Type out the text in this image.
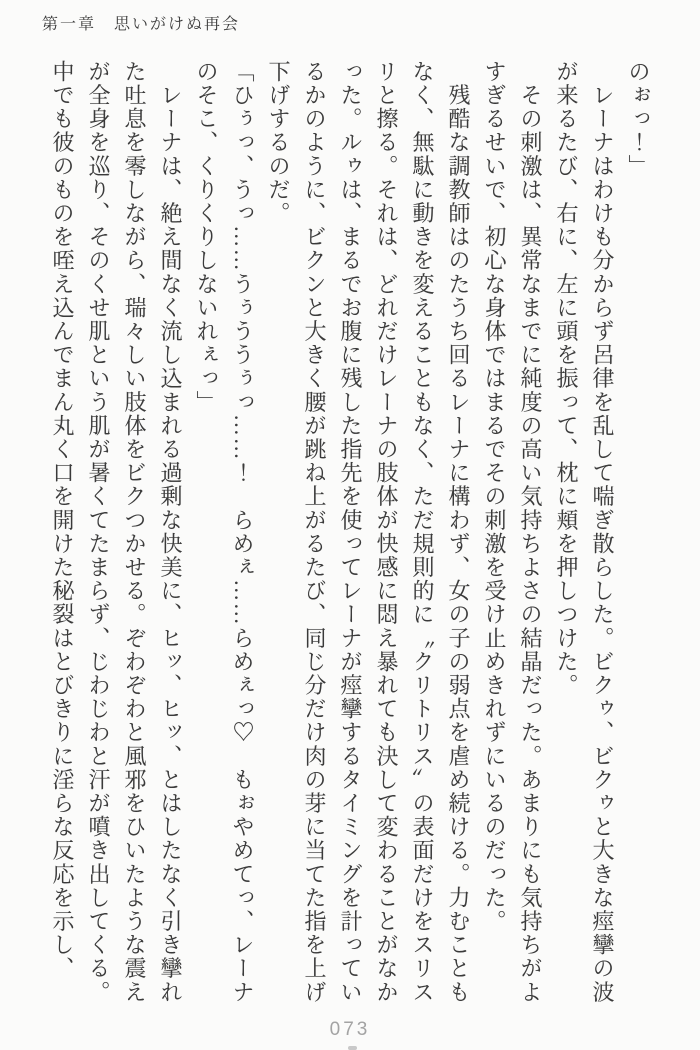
第一章　思いがけぬ再会

のぉっ！」

　レーナはわけも分からず呂律を乱して喘ぎ散らした。ビクゥ、ビクゥと大きな痙攣の波が来るたび、右に、左に頭を振って、枕に頬を押しつけた。

　その刺激は、異常なまでに純度の高い気持ちよさの結晶だった。あまりにも気持ちがよすぎるせいで、初心な身体ではまるでその刺激を受け止めきれずにいるのだった。

　残酷な調教師はのたうち回るレーナに構わず、女の子の弱点を虐め続ける。力むこともなく、無駄に動きを変えることもなく、ただ規則的に〝クリトリス〟の表面だけをスリスリと擦る。それは、どれだけレーナの肢体が快感に悶え暴れても決して変わることがなかった。ルゥは、まるでお腹に残した指先を使ってレーナが痙攣するタイミングを計っているかのように、ビクンと大きく腰が跳ね上がるたび、同じ分だけ肉の芽に当てた指を上げ下げするのだ。

「ひぅっ、うっ……うぅううぅっ……！　らめぇ……らめぇっ♡　もぉやめてっ、レーナのそこ、くりくりしないれぇっ」

　レーナは、絶え間なく流し込まれる過剰な快美に、ヒッ、ヒッ、とはしたなく引き攣れた吐息を零しながら、瑞々しい肢体をビクつかせる。ぞわぞわと風邪をひいたような震えが全身を巡り、そのくせ肌という肌が暑くてたまらず、じわじわと汗が噴き出してくる。中でも彼のものを咥え込んでまん丸く口を開けた秘裂はとびきりに淫らな反応を示し、

073
